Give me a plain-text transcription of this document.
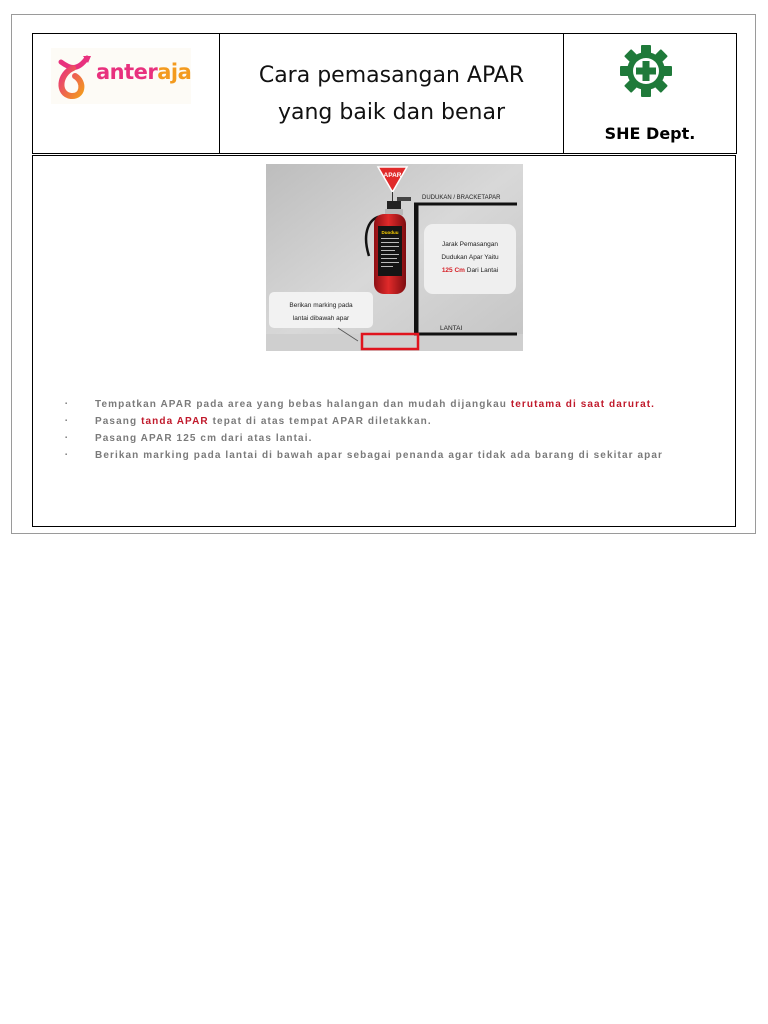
anteraja	Cara pemasangan APAR
yang baik dan benar
SHE Dept.
APAR
DUDUKAN / BRACKETAPAR
LANTAI
Duoduu
Jarak Pemasangan
Dudukan Apar Yaitu
125 Cm Dari Lantai
Berikan marking pada
lantai dibawah apar
▪ Tempatkan APAR pada area yang bebas halangan dan mudah dijangkau terutama di saat darurat.
▪ Pasang tanda APAR tepat di atas tempat APAR diletakkan.
▪ Pasang APAR 125 cm dari atas lantai.
▪ Berikan marking pada lantai di bawah apar sebagai penanda agar tidak ada barang di sekitar apar
